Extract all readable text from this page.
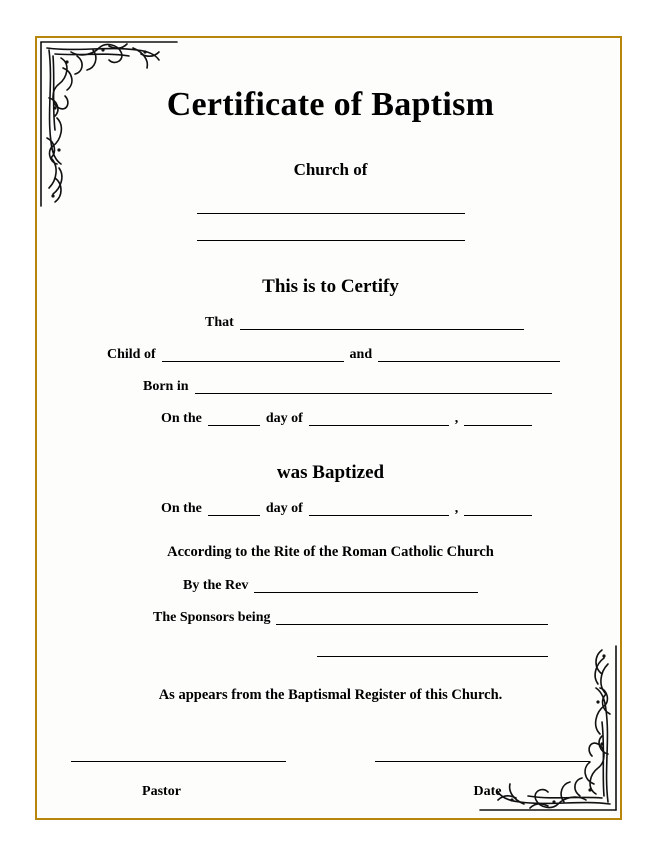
Certificate of Baptism
Church of

This is to Certify
That
Child of	and
Born in
On the	day of	,
was Baptized
On the	day of	,
According to the Rite of the Roman Catholic Church
By the Rev
The Sponsors being
As appears from the Baptismal Register of this Church.
Pastor	Date
